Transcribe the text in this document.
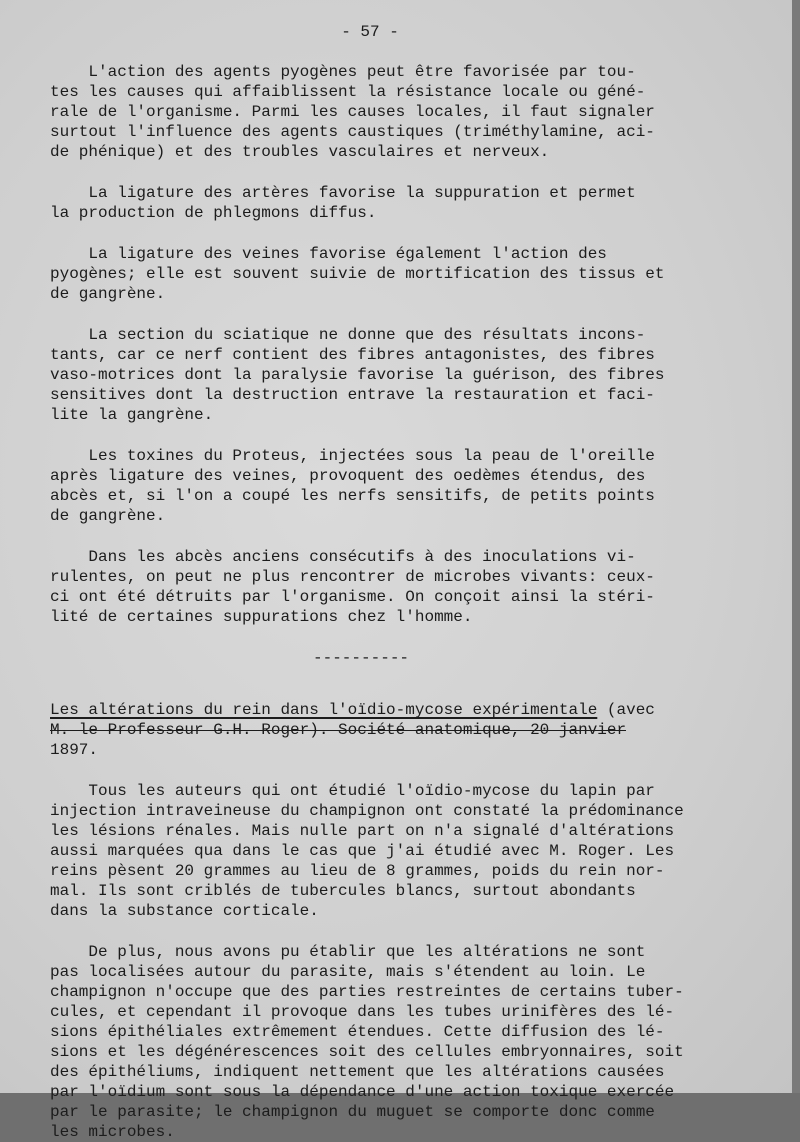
- 57 -
L'action des agents pyogènes peut être favorisée par tou-
tes les causes qui affaiblissent la résistance locale ou géné-
rale de l'organisme. Parmi les causes locales, il faut signaler
surtout l'influence des agents caustiques (triméthylamine, aci-
de phénique) et des troubles vasculaires et nerveux.
La ligature des artères favorise la suppuration et permet
la production de phlegmons diffus.
La ligature des veines favorise également l'action des
pyogènes; elle est souvent suivie de mortification des tissus et
de gangrène.
La section du sciatique ne donne que des résultats incons-
tants, car ce nerf contient des fibres antagonistes, des fibres
vaso-motrices dont la paralysie favorise la guérison, des fibres
sensitives dont la destruction entrave la restauration et faci-
lite la gangrène.
Les toxines du Proteus, injectées sous la peau de l'oreille
après ligature des veines, provoquent des oedèmes étendus, des
abcès et, si l'on a coupé les nerfs sensitifs, de petits points
de gangrène.
Dans les abcès anciens consécutifs à des inoculations vi-
rulentes, on peut ne plus rencontrer de microbes vivants: ceux-
ci ont été détruits par l'organisme. On conçoit ainsi la stéri-
lité de certaines suppurations chez l'homme.
----------
Les altérations du rein dans l'oïdio-mycose expérimentale (avec
M. le Professeur G.H. Roger). Société anatomique, 20 janvier
1897.
Tous les auteurs qui ont étudié l'oïdio-mycose du lapin par
injection intraveineuse du champignon ont constaté la prédominance
les lésions rénales. Mais nulle part on n'a signalé d'altérations
aussi marquées qua dans le cas que j'ai étudié avec M. Roger. Les
reins pèsent 20 grammes au lieu de 8 grammes, poids du rein nor-
mal. Ils sont criblés de tubercules blancs, surtout abondants
dans la substance corticale.
De plus, nous avons pu établir que les altérations ne sont
pas localisées autour du parasite, mais s'étendent au loin. Le
champignon n'occupe que des parties restreintes de certains tuber-
cules, et cependant il provoque dans les tubes urinifères des lé-
sions épithéliales extrêmement étendues. Cette diffusion des lé-
sions et les dégénérescences soit des cellules embryonnaires, soit
des épithéliums, indiquent nettement que les altérations causées
par l'oïdium sont sous la dépendance d'une action toxique exercée
par le parasite; le champignon du muguet se comporte donc comme
les microbes.
